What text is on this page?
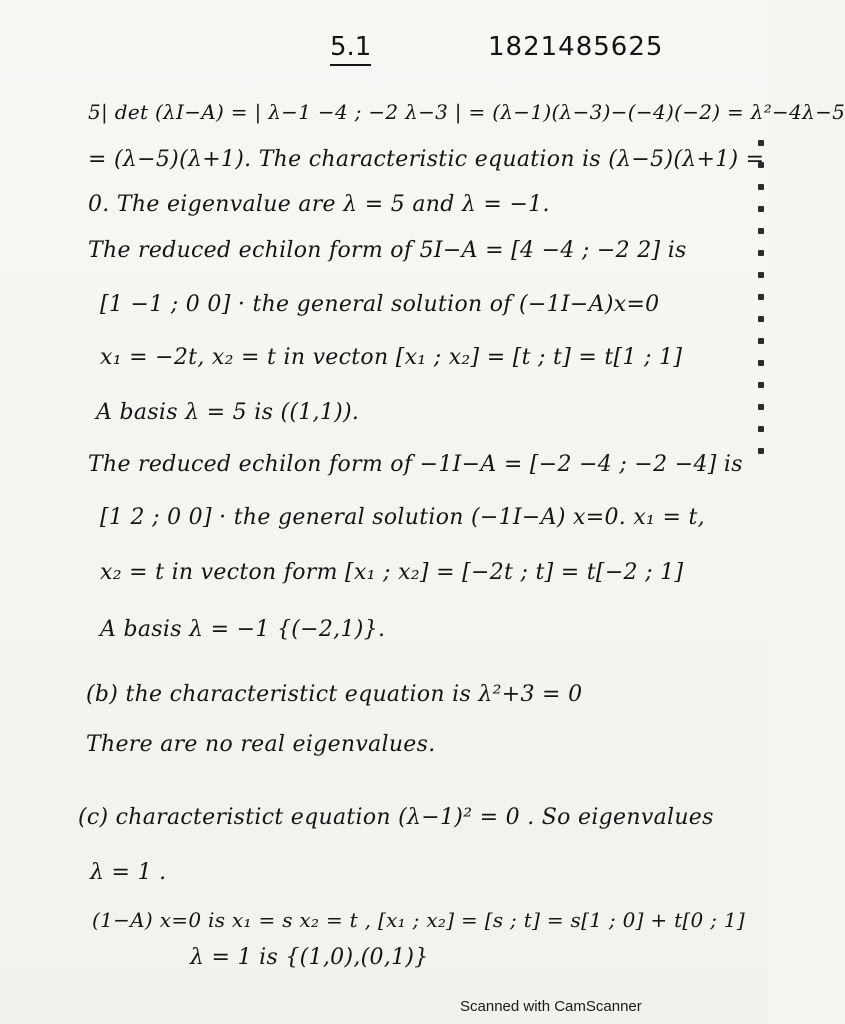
5.1	1821485625
5| det (λI−A) = | λ−1 −4 ; −2 λ−3 | = (λ−1)(λ−3)−(−4)(−2) = λ²−4λ−5
= (λ−5)(λ+1). The characteristic equation is (λ−5)(λ+1) =
0. The eigenvalue are λ = 5 and λ = −1.
The reduced echilon form of 5I−A = [4 −4 ; −2 2] is
[1 −1 ; 0 0] · the general solution of (−1I−A)x=0
x₁ = −2t, x₂ = t in vecton [x₁ ; x₂] = [t ; t] = t[1 ; 1]
A basis λ = 5 is ((1,1)).
The reduced echilon form of −1I−A = [−2 −4 ; −2 −4] is
[1 2 ; 0 0] · the general solution (−1I−A) x=0. x₁ = t,
x₂ = t in vecton form [x₁ ; x₂] = [−2t ; t] = t[−2 ; 1]
A basis λ = −1 {(−2,1)}.
(b) the characteristict equation is λ²+3 = 0
There are no real eigenvalues.
(c) characteristict equation (λ−1)² = 0 . So eigenvalues
λ = 1 .
(1−A) x=0 is x₁ = s x₂ = t , [x₁ ; x₂] = [s ; t] = s[1 ; 0] + t[0 ; 1]
λ = 1 is {(1,0),(0,1)}
Scanned with CamScanner
